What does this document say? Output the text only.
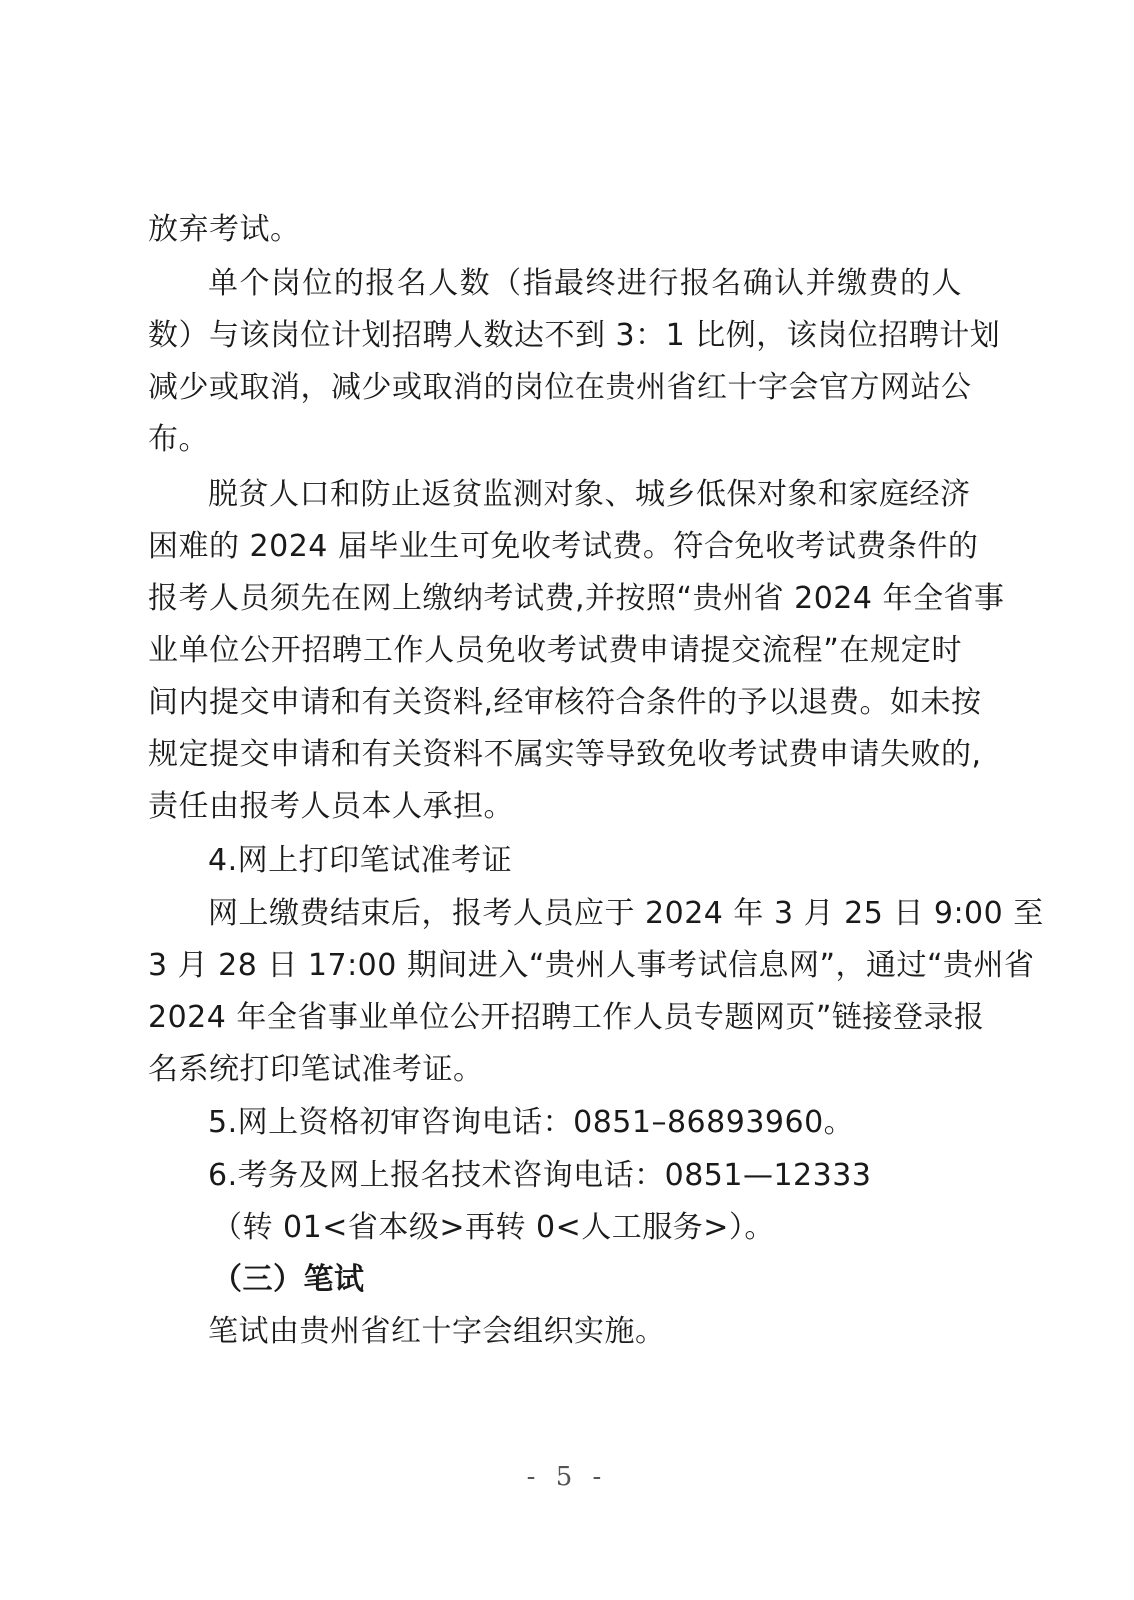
放弃考试。
单个岗位的报名人数（指最终进行报名确认并缴费的人
数）与该岗位计划招聘人数达不到 3：1 比例，该岗位招聘计划
减少或取消，减少或取消的岗位在贵州省红十字会官方网站公
布。
脱贫人口和防止返贫监测对象、城乡低保对象和家庭经济
困难的 2024 届毕业生可免收考试费。符合免收考试费条件的
报考人员须先在网上缴纳考试费,并按照“贵州省 2024 年全省事
业单位公开招聘工作人员免收考试费申请提交流程”在规定时
间内提交申请和有关资料,经审核符合条件的予以退费。如未按
规定提交申请和有关资料不属实等导致免收考试费申请失败的,
责任由报考人员本人承担。
4.网上打印笔试准考证
网上缴费结束后，报考人员应于 2024 年 3 月 25 日 9:00 至
3 月 28 日 17:00 期间进入“贵州人事考试信息网”，通过“贵州省
2024 年全省事业单位公开招聘工作人员专题网页”链接登录报
名系统打印笔试准考证。
5.网上资格初审咨询电话：0851–86893960。
6.考务及网上报名技术咨询电话：0851—12333
（转 01<省本级>再转 0<人工服务>）。
（三）笔试
笔试由贵州省红十字会组织实施。
- 5 -
